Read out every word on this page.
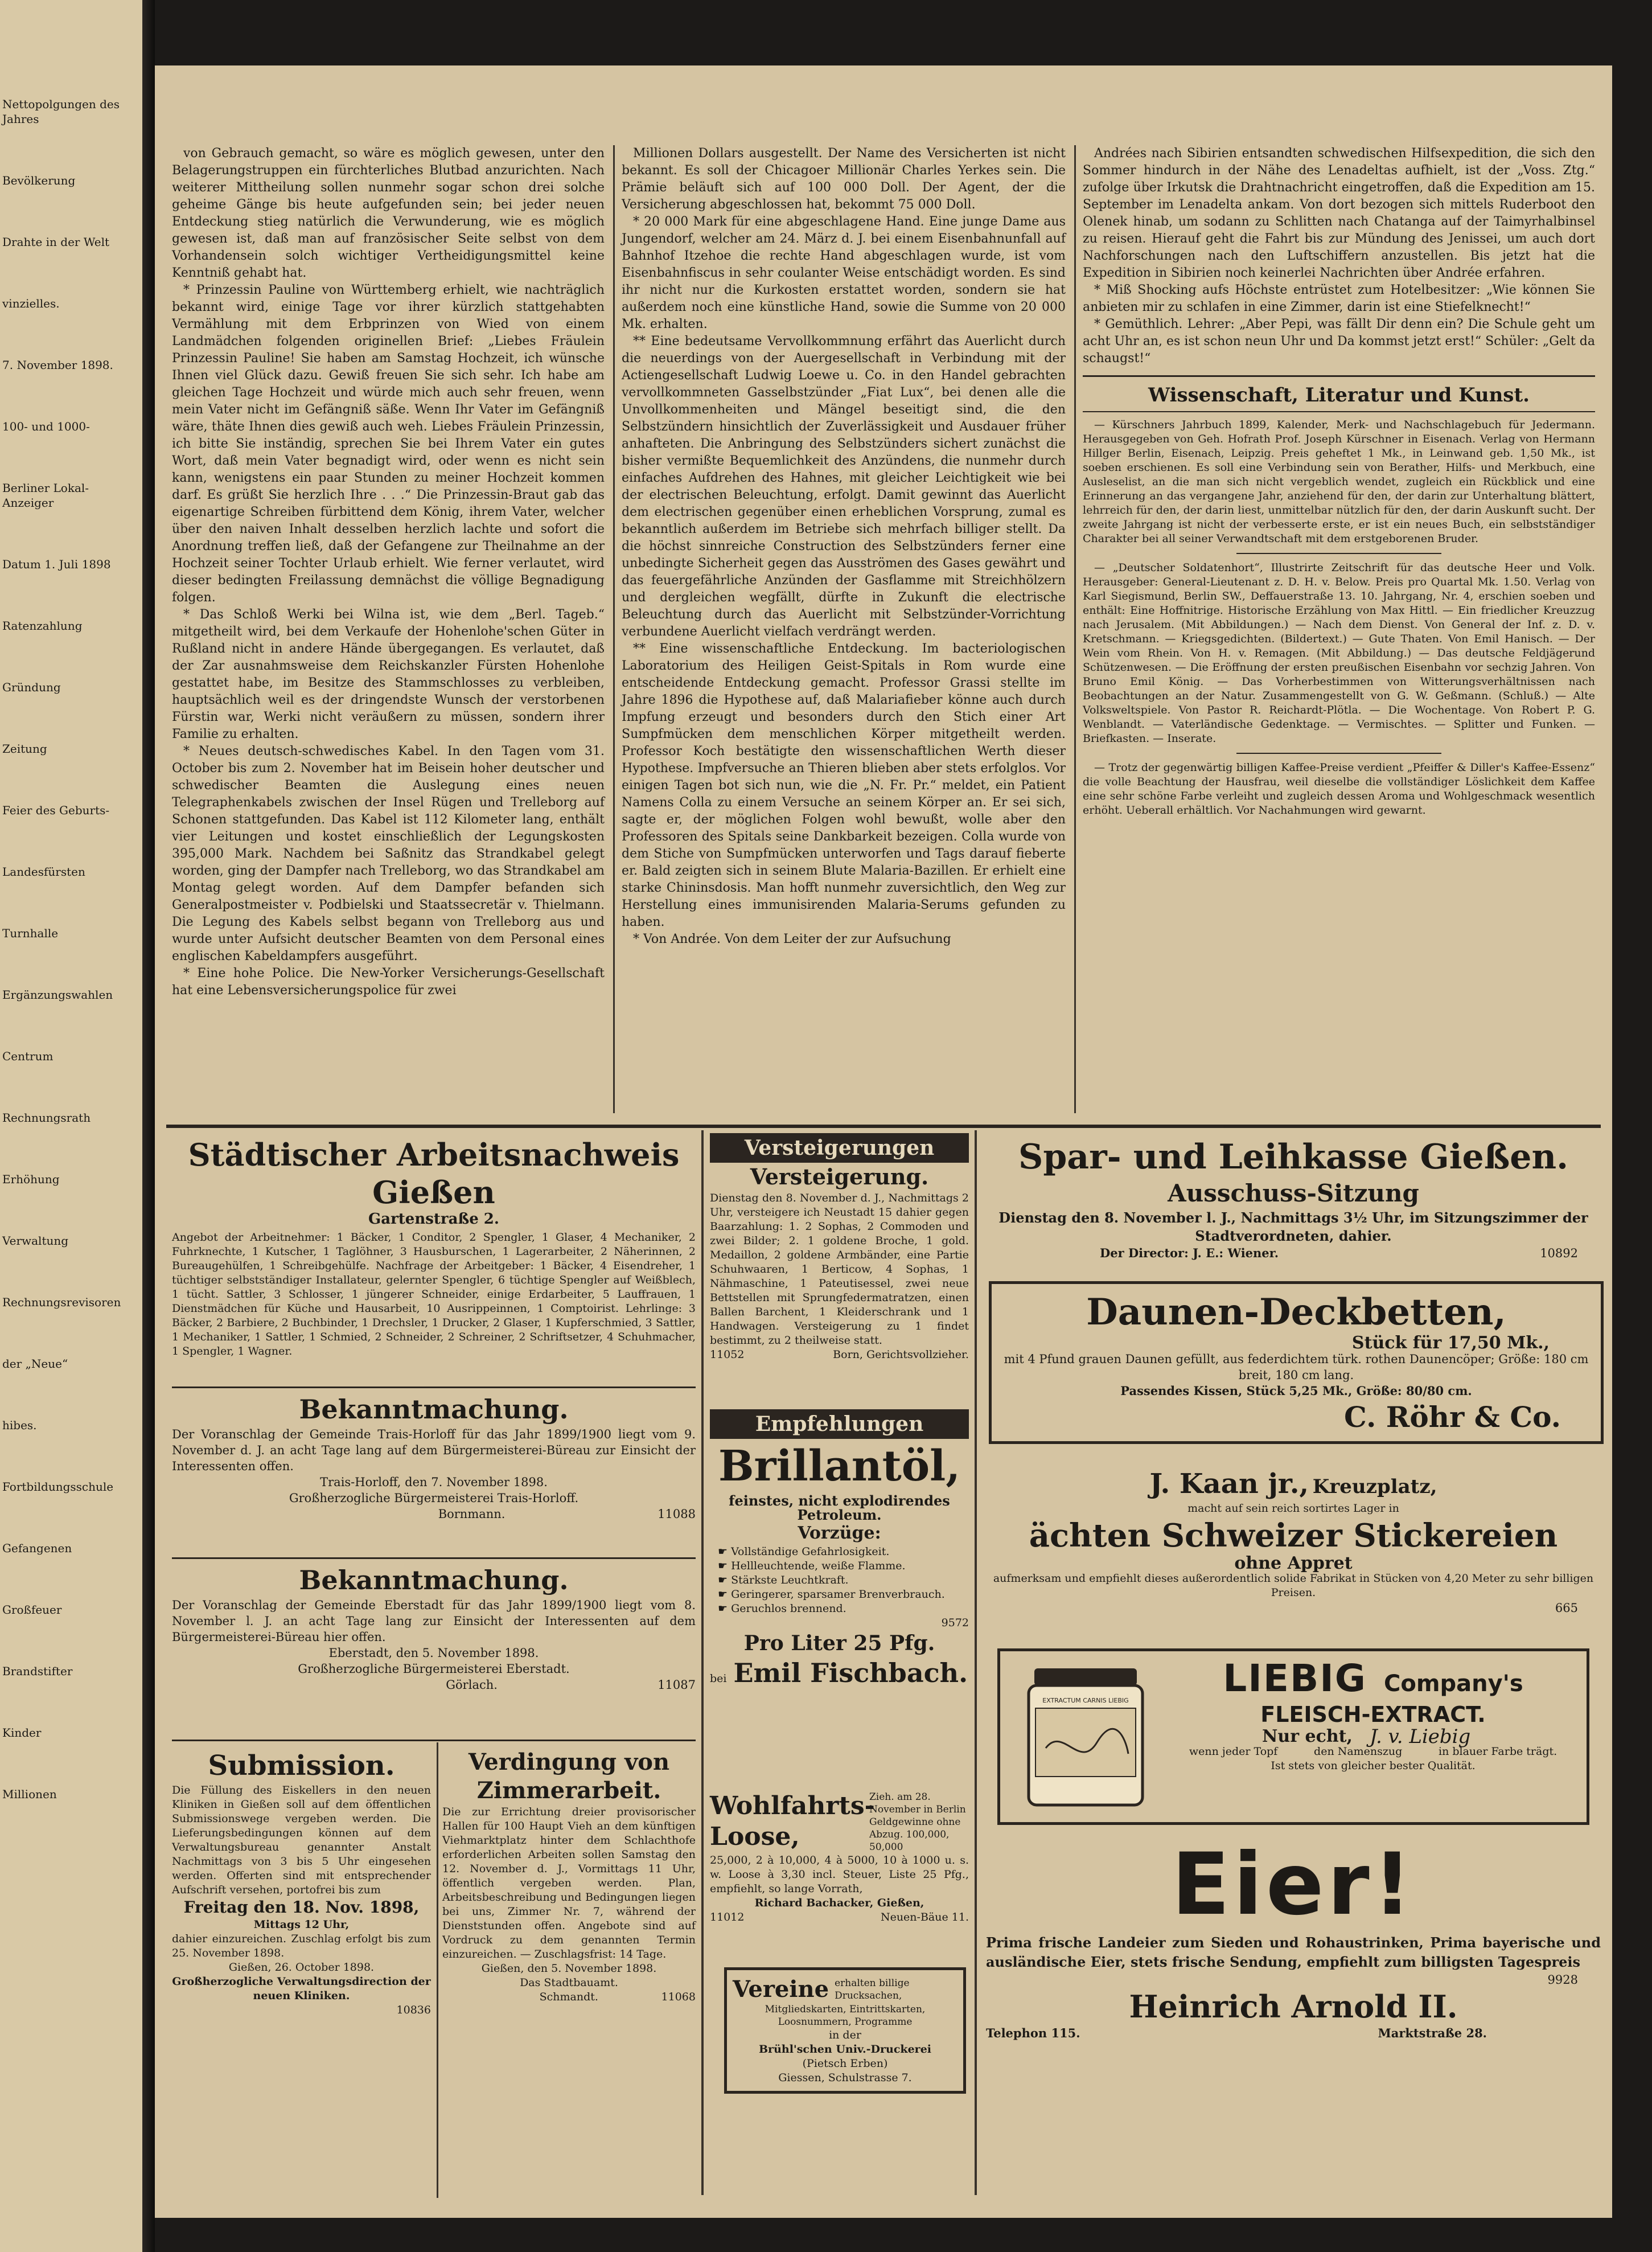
Nettopolgungen des Jahres

Bevölkerung

Drahte in der Welt

vinzielles.

7. November 1898.

100- und 1000-

Berliner Lokal-Anzeiger

Datum 1. Juli 1898

Ratenzahlung

Gründung

Zeitung

Feier des Geburts-

Landesfürsten

Turnhalle

Ergänzungswahlen

Centrum

Rechnungsrath

Erhöhung

Verwaltung

Rechnungsrevisoren

der „Neue“

hibes.

Fortbildungsschule

Gefangenen

Großfeuer

Brandstifter

Kinder

Millionen

von Gebrauch gemacht, so wäre es möglich gewesen, unter den Belagerungstruppen ein fürchterliches Blutbad anzurichten. Nach weiterer Mittheilung sollen nunmehr sogar schon drei solche geheime Gänge bis heute aufgefunden sein; bei jeder neuen Entdeckung stieg natürlich die Verwunderung, wie es möglich gewesen ist, daß man auf französischer Seite selbst von dem Vorhandensein solch wichtiger Vertheidigungsmittel keine Kenntniß gehabt hat.

* Prinzessin Pauline von Württemberg erhielt, wie nachträglich bekannt wird, einige Tage vor ihrer kürzlich stattgehabten Vermählung mit dem Erbprinzen von Wied von einem Landmädchen folgenden originellen Brief: „Liebes Fräulein Prinzessin Pauline! Sie haben am Samstag Hochzeit, ich wünsche Ihnen viel Glück dazu. Gewiß freuen Sie sich sehr. Ich habe am gleichen Tage Hochzeit und würde mich auch sehr freuen, wenn mein Vater nicht im Gefängniß säße. Wenn Ihr Vater im Gefängniß wäre, thäte Ihnen dies gewiß auch weh. Liebes Fräulein Prinzessin, ich bitte Sie inständig, sprechen Sie bei Ihrem Vater ein gutes Wort, daß mein Vater begnadigt wird, oder wenn es nicht sein kann, wenigstens ein paar Stunden zu meiner Hochzeit kommen darf. Es grüßt Sie herzlich Ihre . . .“ Die Prinzessin-Braut gab das eigenartige Schreiben fürbittend dem König, ihrem Vater, welcher über den naiven Inhalt desselben herzlich lachte und sofort die Anordnung treffen ließ, daß der Gefangene zur Theilnahme an der Hochzeit seiner Tochter Urlaub erhielt. Wie ferner verlautet, wird dieser bedingten Freilassung demnächst die völlige Begnadigung folgen.

* Das Schloß Werki bei Wilna ist, wie dem „Berl. Tageb.“ mitgetheilt wird, bei dem Verkaufe der Hohenlohe'schen Güter in Rußland nicht in andere Hände übergegangen. Es verlautet, daß der Zar ausnahmsweise dem Reichskanzler Fürsten Hohenlohe gestattet habe, im Besitze des Stammschlosses zu verbleiben, hauptsächlich weil es der dringendste Wunsch der verstorbenen Fürstin war, Werki nicht veräußern zu müssen, sondern ihrer Familie zu erhalten.

* Neues deutsch-schwedisches Kabel. In den Tagen vom 31. October bis zum 2. November hat im Beisein hoher deutscher und schwedischer Beamten die Auslegung eines neuen Telegraphenkabels zwischen der Insel Rügen und Trelleborg auf Schonen stattgefunden. Das Kabel ist 112 Kilometer lang, enthält vier Leitungen und kostet einschließlich der Legungskosten 395,000 Mark. Nachdem bei Saßnitz das Strandkabel gelegt worden, ging der Dampfer nach Trelleborg, wo das Strandkabel am Montag gelegt worden. Auf dem Dampfer befanden sich Generalpostmeister v. Podbielski und Staatssecretär v. Thielmann. Die Legung des Kabels selbst begann von Trelleborg aus und wurde unter Aufsicht deutscher Beamten von dem Personal eines englischen Kabeldampfers ausgeführt.

* Eine hohe Police. Die New-Yorker Versicherungs-Gesellschaft hat eine Lebensversicherungspolice für zwei

Millionen Dollars ausgestellt. Der Name des Versicherten ist nicht bekannt. Es soll der Chicagoer Millionär Charles Yerkes sein. Die Prämie beläuft sich auf 100 000 Doll. Der Agent, der die Versicherung abgeschlossen hat, bekommt 75 000 Doll.

* 20 000 Mark für eine abgeschlagene Hand. Eine junge Dame aus Jungendorf, welcher am 24. März d. J. bei einem Eisenbahnunfall auf Bahnhof Itzehoe die rechte Hand abgeschlagen wurde, ist vom Eisenbahnfiscus in sehr coulanter Weise entschädigt worden. Es sind ihr nicht nur die Kurkosten erstattet worden, sondern sie hat außerdem noch eine künstliche Hand, sowie die Summe von 20 000 Mk. erhalten.

** Eine bedeutsame Vervollkommnung erfährt das Auerlicht durch die neuerdings von der Auergesellschaft in Verbindung mit der Actiengesellschaft Ludwig Loewe u. Co. in den Handel gebrachten vervollkommneten Gasselbstzünder „Fiat Lux“, bei denen alle die Unvollkommenheiten und Mängel beseitigt sind, die den Selbstzündern hinsichtlich der Zuverlässigkeit und Ausdauer früher anhafteten. Die Anbringung des Selbstzünders sichert zunächst die bisher vermißte Bequemlichkeit des Anzündens, die nunmehr durch einfaches Aufdrehen des Hahnes, mit gleicher Leichtigkeit wie bei der electrischen Beleuchtung, erfolgt. Damit gewinnt das Auerlicht dem electrischen gegenüber einen erheblichen Vorsprung, zumal es bekanntlich außerdem im Betriebe sich mehrfach billiger stellt. Da die höchst sinnreiche Construction des Selbstzünders ferner eine unbedingte Sicherheit gegen das Ausströmen des Gases gewährt und das feuergefährliche Anzünden der Gasflamme mit Streichhölzern und dergleichen wegfällt, dürfte in Zukunft die electrische Beleuchtung durch das Auerlicht mit Selbstzünder-Vorrichtung verbundene Auerlicht vielfach verdrängt werden.

** Eine wissenschaftliche Entdeckung. Im bacteriologischen Laboratorium des Heiligen Geist-Spitals in Rom wurde eine entscheidende Entdeckung gemacht. Professor Grassi stellte im Jahre 1896 die Hypothese auf, daß Malariafieber könne auch durch Impfung erzeugt und besonders durch den Stich einer Art Sumpfmücken dem menschlichen Körper mitgetheilt werden. Professor Koch bestätigte den wissenschaftlichen Werth dieser Hypothese. Impfversuche an Thieren blieben aber stets erfolglos. Vor einigen Tagen bot sich nun, wie die „N. Fr. Pr.“ meldet, ein Patient Namens Colla zu einem Versuche an seinem Körper an. Er sei sich, sagte er, der möglichen Folgen wohl bewußt, wolle aber den Professoren des Spitals seine Dankbarkeit bezeigen. Colla wurde von dem Stiche von Sumpfmücken unterworfen und Tags darauf fieberte er. Bald zeigten sich in seinem Blute Malaria-Bazillen. Er erhielt eine starke Chininsdosis. Man hofft nunmehr zuversichtlich, den Weg zur Herstellung eines immunisirenden Malaria-Serums gefunden zu haben.

* Von Andrée. Von dem Leiter der zur Aufsuchung

Andrées nach Sibirien entsandten schwedischen Hilfsexpedition, die sich den Sommer hindurch in der Nähe des Lenadeltas aufhielt, ist der „Voss. Ztg.“ zufolge über Irkutsk die Drahtnachricht eingetroffen, daß die Expedition am 15. September im Lenadelta ankam. Von dort bezogen sich mittels Ruderboot den Olenek hinab, um sodann zu Schlitten nach Chatanga auf der Taimyrhalbinsel zu reisen. Hierauf geht die Fahrt bis zur Mündung des Jenissei, um auch dort Nachforschungen nach den Luftschiffern anzustellen. Bis jetzt hat die Expedition in Sibirien noch keinerlei Nachrichten über Andrée erfahren.

* Miß Shocking aufs Höchste entrüstet zum Hotelbesitzer: „Wie können Sie anbieten mir zu schlafen in eine Zimmer, darin ist eine Stiefelknecht!“

* Gemüthlich. Lehrer: „Aber Pepi, was fällt Dir denn ein? Die Schule geht um acht Uhr an, es ist schon neun Uhr und Da kommst jetzt erst!“ Schüler: „Gelt da schaugst!“

Wissenschaft, Literatur und Kunst.

— Kürschners Jahrbuch 1899, Kalender, Merk- und Nachschlagebuch für Jedermann. Herausgegeben von Geh. Hofrath Prof. Joseph Kürschner in Eisenach. Verlag von Hermann Hillger Berlin, Eisenach, Leipzig. Preis geheftet 1 Mk., in Leinwand geb. 1,50 Mk., ist soeben erschienen. Es soll eine Verbindung sein von Berather, Hilfs- und Merkbuch, eine Ausleselist, an die man sich nicht vergeblich wendet, zugleich ein Rückblick und eine Erinnerung an das vergangene Jahr, anziehend für den, der darin zur Unterhaltung blättert, lehrreich für den, der darin liest, unmittelbar nützlich für den, der darin Auskunft sucht. Der zweite Jahrgang ist nicht der verbesserte erste, er ist ein neues Buch, ein selbstständiger Charakter bei all seiner Verwandtschaft mit dem erstgeborenen Bruder.

— „Deutscher Soldatenhort“, Illustrirte Zeitschrift für das deutsche Heer und Volk. Herausgeber: General-Lieutenant z. D. H. v. Below. Preis pro Quartal Mk. 1.50. Verlag von Karl Siegismund, Berlin SW., Deffauerstraße 13. 10. Jahrgang, Nr. 4, erschien soeben und enthält: Eine Hoffnitrige. Historische Erzählung von Max Hittl. — Ein friedlicher Kreuzzug nach Jerusalem. (Mit Abbildungen.) — Nach dem Dienst. Von General der Inf. z. D. v. Kretschmann. — Kriegsgedichten. (Bildertext.) — Gute Thaten. Von Emil Hanisch. — Der Wein vom Rhein. Von H. v. Remagen. (Mit Abbildung.) — Das deutsche Feldjägerund Schützenwesen. — Die Eröffnung der ersten preußischen Eisenbahn vor sechzig Jahren. Von Bruno Emil König. — Das Vorherbestimmen von Witterungsverhältnissen nach Beobachtungen an der Natur. Zusammengestellt von G. W. Geßmann. (Schluß.) — Alte Volksweltspiele. Von Pastor R. Reichardt-Plötla. — Die Wochentage. Von Robert P. G. Wenblandt. — Vaterländische Gedenktage. — Vermischtes. — Splitter und Funken. — Briefkasten. — Inserate.

— Trotz der gegenwärtig billigen Kaffee-Preise verdient „Pfeiffer & Diller's Kaffee-Essenz“ die volle Beachtung der Hausfrau, weil dieselbe die vollständiger Löslichkeit dem Kaffee eine sehr schöne Farbe verleiht und zugleich dessen Aroma und Wohlgeschmack wesentlich erhöht. Ueberall erhältlich. Vor Nachahmungen wird gewarnt.

Städtischer Arbeitsnachweis Gießen
Gartenstraße 2.
Angebot der Arbeitnehmer: 1 Bäcker, 1 Conditor, 2 Spengler, 1 Glaser, 4 Mechaniker, 2 Fuhrknechte, 1 Kutscher, 1 Taglöhner, 3 Hausburschen, 1 Lagerarbeiter, 2 Näherinnen, 2 Bureaugehülfen, 1 Schreibgehülfe. Nachfrage der Arbeitgeber: 1 Bäcker, 4 Eisendreher, 1 tüchtiger selbstständiger Installateur, gelernter Spengler, 6 tüchtige Spengler auf Weißblech, 1 tücht. Sattler, 3 Schlosser, 1 jüngerer Schneider, einige Erdarbeiter, 5 Lauffrauen, 1 Dienstmädchen für Küche und Hausarbeit, 10 Ausrippeinnen, 1 Comptoirist. Lehrlinge: 3 Bäcker, 2 Barbiere, 2 Buchbinder, 1 Drechsler, 1 Drucker, 2 Glaser, 1 Kupferschmied, 3 Sattler, 1 Mechaniker, 1 Sattler, 1 Schmied, 2 Schneider, 2 Schreiner, 2 Schriftsetzer, 4 Schuhmacher, 1 Spengler, 1 Wagner.
Bekanntmachung.
Der Voranschlag der Gemeinde Trais-Horloff für das Jahr 1899/1900 liegt vom 9. November d. J. an acht Tage lang auf dem Bürgermeisterei-Büreau zur Einsicht der Interessenten offen.
Trais-Horloff, den 7. November 1898.
Großherzogliche Bürgermeisterei Trais-Horloff.
Bornmann.	11088
Bekanntmachung.
Der Voranschlag der Gemeinde Eberstadt für das Jahr 1899/1900 liegt vom 8. November l. J. an acht Tage lang zur Einsicht der Interessenten auf dem Bürgermeisterei-Büreau hier offen.
Eberstadt, den 5. November 1898.
Großherzogliche Bürgermeisterei Eberstadt.
Görlach.	11087
Submission.
Die Füllung des Eiskellers in den neuen Kliniken in Gießen soll auf dem öffentlichen Submissionswege vergeben werden. Die Lieferungsbedingungen können auf dem Verwaltungsbureau genannter Anstalt Nachmittags von 3 bis 5 Uhr eingesehen werden. Offerten sind mit entsprechender Aufschrift versehen, portofrei bis zum
Freitag den 18. Nov. 1898,
Mittags 12 Uhr,
dahier einzureichen. Zuschlag erfolgt bis zum 25. November 1898.
Gießen, 26. October 1898.
Großherzogliche Verwaltungsdirection der neuen Kliniken.
10836
Verdingung von Zimmerarbeit.
Die zur Errichtung dreier provisorischer Hallen für 100 Haupt Vieh an dem künftigen Viehmarktplatz hinter dem Schlachthofe erforderlichen Arbeiten sollen Samstag den 12. November d. J., Vormittags 11 Uhr, öffentlich vergeben werden. Plan, Arbeitsbeschreibung und Bedingungen liegen bei uns, Zimmer Nr. 7, während der Dienststunden offen. Angebote sind auf Vordruck zu dem genannten Termin einzureichen. — Zuschlagsfrist: 14 Tage.
Gießen, den 5. November 1898.
Das Stadtbauamt.
Schmandt.	11068
Versteigerungen
Versteigerung.
Dienstag den 8. November d. J., Nachmittags 2 Uhr, versteigere ich Neustadt 15 dahier gegen Baarzahlung: 1. 2 Sophas, 2 Commoden und zwei Bilder; 2. 1 goldene Broche, 1 gold. Medaillon, 2 goldene Armbänder, eine Partie Schuhwaaren, 1 Berticow, 4 Sophas, 1 Nähmaschine, 1 Pateutisessel, zwei neue Bettstellen mit Sprungfedermatratzen, einen Ballen Barchent, 1 Kleiderschrank und 1 Handwagen. Versteigerung zu 1 findet bestimmt, zu 2 theilweise statt.
11052	Born, Gerichtsvollzieher.
Empfehlungen
Brillantöl,
feinstes, nicht explodirendes
Petroleum.
Vorzüge:
☛ Vollständige Gefahrlosigkeit.
☛ Hellleuchtende, weiße Flamme.
☛ Stärkste Leuchtkraft.
☛ Geringerer, sparsamer Brenverbrauch.
☛ Geruchlos brennend.
9572
Pro Liter 25 Pfg.
bei Emil Fischbach.
Wohlfahrts-Loose,
Zieh. am 28. November in Berlin Geldgewinne ohne Abzug. 100,000, 50,000
25,000, 2 à 10,000, 4 à 5000, 10 à 1000 u. s. w. Loose à 3,30 incl. Steuer, Liste 25 Pfg., empfiehlt, so lange Vorrath,
Richard Bachacker, Gießen,
11012	Neuen-Bäue 11.
Vereine erhalten billige Drucksachen,
Mitgliedskarten, Eintrittskarten, Loosnummern, Programme
in der
Brühl'schen Univ.-Druckerei
(Pietsch Erben)
Giessen, Schulstrasse 7.
Spar- und Leihkasse Gießen.
Ausschuss-Sitzung
Dienstag den 8. November l. J., Nachmittags 3½ Uhr, im Sitzungszimmer der Stadtverordneten, dahier.
Der Director: J. E.: Wiener.	10892
Daunen-Deckbetten,
Stück für 17,50 Mk.,
mit 4 Pfund grauen Daunen gefüllt, aus federdichtem türk. rothen Daunencöper; Größe: 180 cm breit, 180 cm lang.
Passendes Kissen, Stück 5,25 Mk., Größe: 80/80 cm.
C. Röhr & Co.
J. Kaan jr., Kreuzplatz,
macht auf sein reich sortirtes Lager in
ächten Schweizer Stickereien
ohne Appret
aufmerksam und empfiehlt dieses außerordentlich solide Fabrikat in Stücken von 4,20 Meter zu sehr billigen Preisen.
665
EXTRACTUM CARNIS LIEBIG
LIEBIG Company's
FLEISCH-EXTRACT.
Nur echt, J. v. Liebig
wenn jeder Topf	den Namenszug	in blauer Farbe trägt.
Ist stets von gleicher bester Qualität.
Eier!
Prima frische Landeier zum Sieden und Rohaustrinken, Prima bayerische und ausländische Eier, stets frische Sendung, empfiehlt zum billigsten Tagespreis
9928
Heinrich Arnold II.
Telephon 115.	Marktstraße 28.
